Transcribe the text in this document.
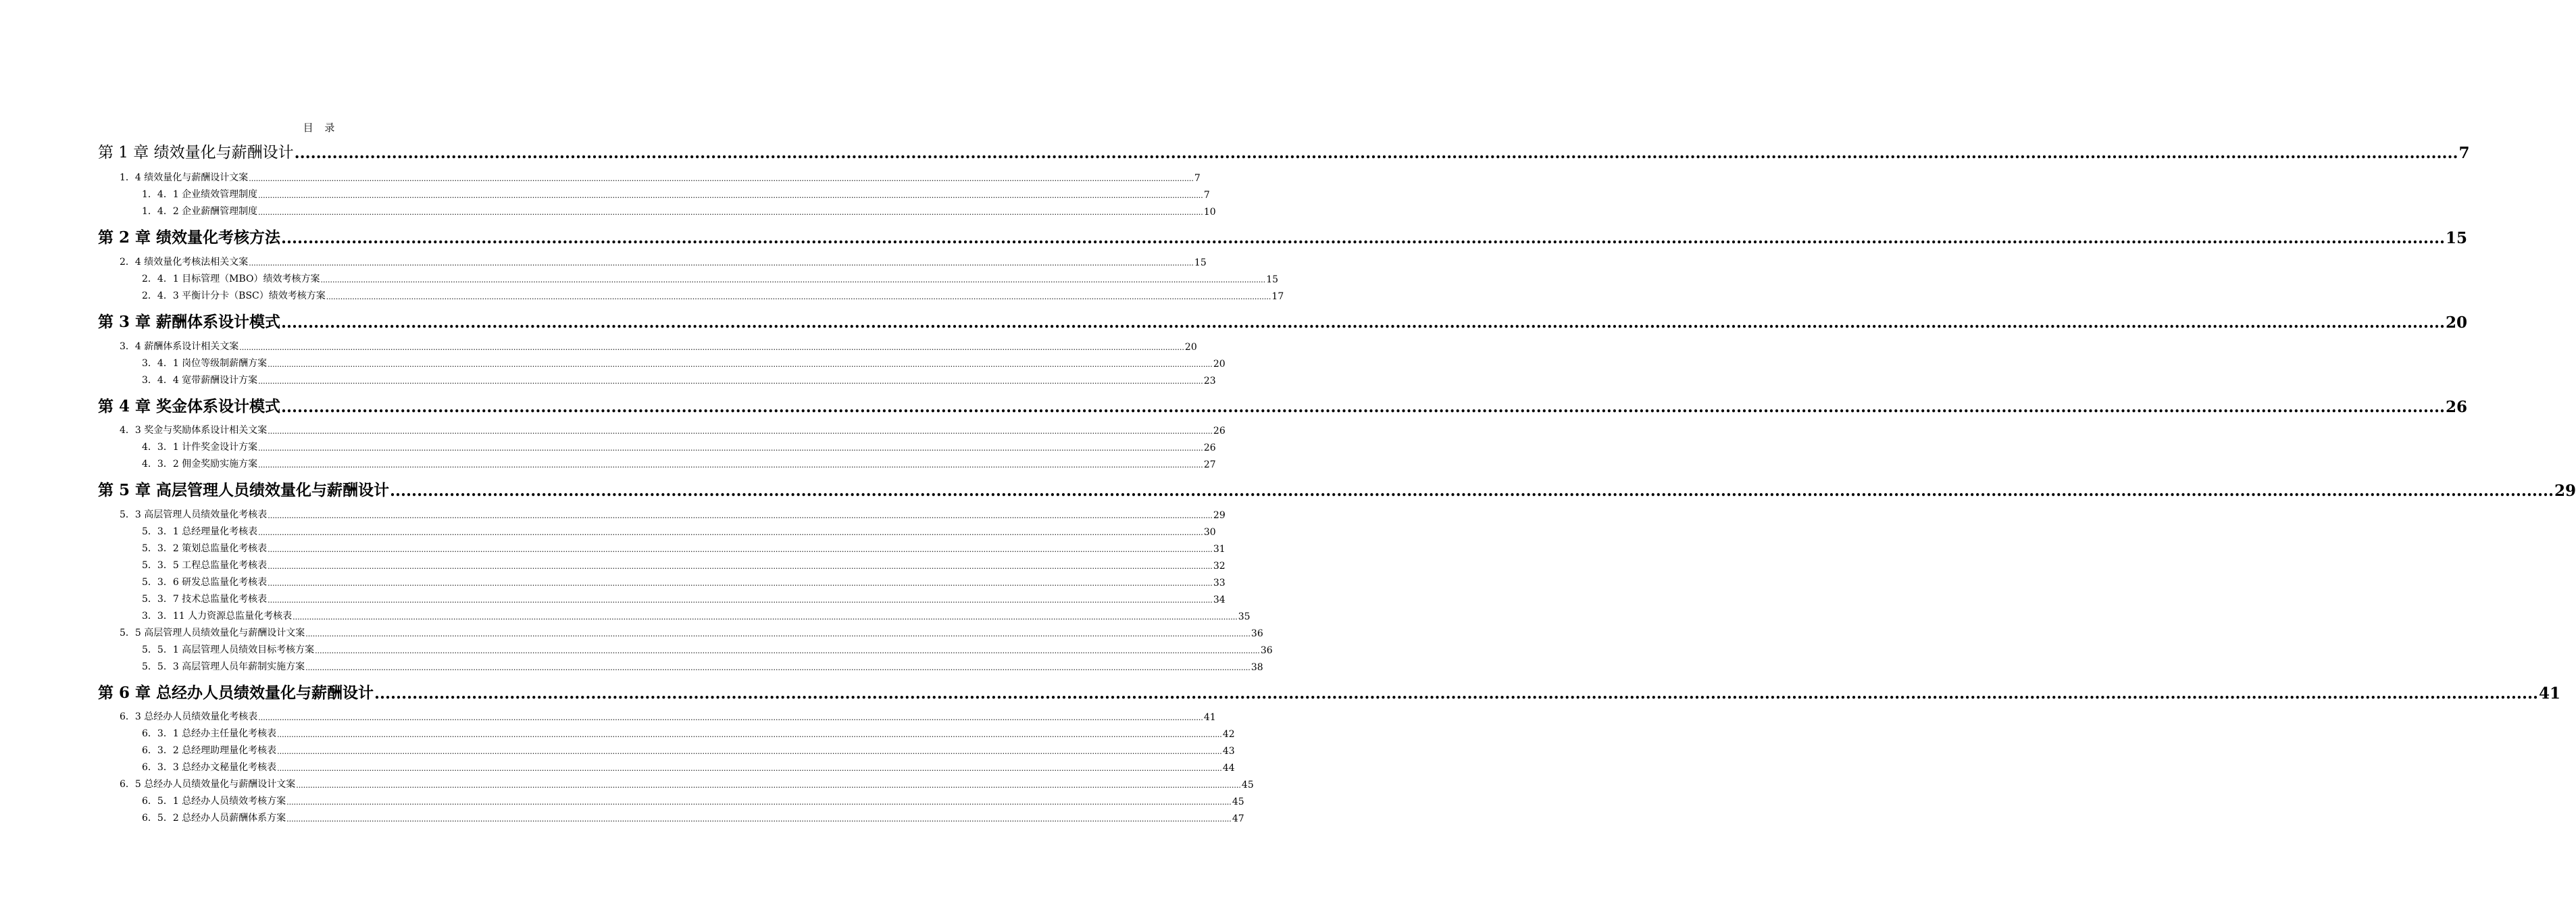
目 录
第 1 章 绩效量化与薪酬设计 ................................................................................................................................................................................................................................................................................................................................................................................................................ 7
1．4 绩效量化与薪酬设计文案 ................................................................................................................................................................................................................................................................................................................................................................................................................ 7
1．4．1 企业绩效管理制度 ................................................................................................................................................................................................................................................................................................................................................................................................................ 7
1．4．2 企业薪酬管理制度 ................................................................................................................................................................................................................................................................................................................................................................................................................ 10
第 2 章 绩效量化考核方法 ................................................................................................................................................................................................................................................................................................................................................................................................................ 15
2．4 绩效量化考核法相关文案 ................................................................................................................................................................................................................................................................................................................................................................................................................ 15
2．4．1 目标管理（MBO）绩效考核方案 ................................................................................................................................................................................................................................................................................................................................................................................................................ 15
2．4．3 平衡计分卡（BSC）绩效考核方案 ................................................................................................................................................................................................................................................................................................................................................................................................................ 17
第 3 章 薪酬体系设计模式 ................................................................................................................................................................................................................................................................................................................................................................................................................ 20
3．4 薪酬体系设计相关文案 ................................................................................................................................................................................................................................................................................................................................................................................................................ 20
3．4．1 岗位等级制薪酬方案 ................................................................................................................................................................................................................................................................................................................................................................................................................ 20
3．4．4 宽带薪酬设计方案 ................................................................................................................................................................................................................................................................................................................................................................................................................ 23
第 4 章 奖金体系设计模式 ................................................................................................................................................................................................................................................................................................................................................................................................................ 26
4．3 奖金与奖励体系设计相关文案 ................................................................................................................................................................................................................................................................................................................................................................................................................ 26
4．3．1 计件奖金设计方案 ................................................................................................................................................................................................................................................................................................................................................................................................................ 26
4．3．2 佣金奖励实施方案 ................................................................................................................................................................................................................................................................................................................................................................................................................ 27
第 5 章 高层管理人员绩效量化与薪酬设计 ................................................................................................................................................................................................................................................................................................................................................................................................................ 29
5．3 高层管理人员绩效量化考核表 ................................................................................................................................................................................................................................................................................................................................................................................................................ 29
5．3．1 总经理量化考核表 ................................................................................................................................................................................................................................................................................................................................................................................................................ 30
5．3．2 策划总监量化考核表 ................................................................................................................................................................................................................................................................................................................................................................................................................ 31
5．3．5 工程总监量化考核表 ................................................................................................................................................................................................................................................................................................................................................................................................................ 32
5．3．6 研发总监量化考核表 ................................................................................................................................................................................................................................................................................................................................................................................................................ 33
5．3．7 技术总监量化考核表 ................................................................................................................................................................................................................................................................................................................................................................................................................ 34
3．3．11 人力资源总监量化考核表 ................................................................................................................................................................................................................................................................................................................................................................................................................ 35
5．5 高层管理人员绩效量化与薪酬设计文案 ................................................................................................................................................................................................................................................................................................................................................................................................................ 36
5．5．1 高层管理人员绩效目标考核方案 ................................................................................................................................................................................................................................................................................................................................................................................................................ 36
5．5．3 高层管理人员年薪制实施方案 ................................................................................................................................................................................................................................................................................................................................................................................................................ 38
第 6 章 总经办人员绩效量化与薪酬设计 ................................................................................................................................................................................................................................................................................................................................................................................................................ 41
6．3 总经办人员绩效量化考核表 ................................................................................................................................................................................................................................................................................................................................................................................................................ 41
6．3．1 总经办主任量化考核表 ................................................................................................................................................................................................................................................................................................................................................................................................................ 42
6．3．2 总经理助理量化考核表 ................................................................................................................................................................................................................................................................................................................................................................................................................ 43
6．3．3 总经办文秘量化考核表 ................................................................................................................................................................................................................................................................................................................................................................................................................ 44
6．5 总经办人员绩效量化与薪酬设计文案 ................................................................................................................................................................................................................................................................................................................................................................................................................ 45
6．5．1 总经办人员绩效考核方案 ................................................................................................................................................................................................................................................................................................................................................................................................................ 45
6．5．2 总经办人员薪酬体系方案 ................................................................................................................................................................................................................................................................................................................................................................................................................ 47
